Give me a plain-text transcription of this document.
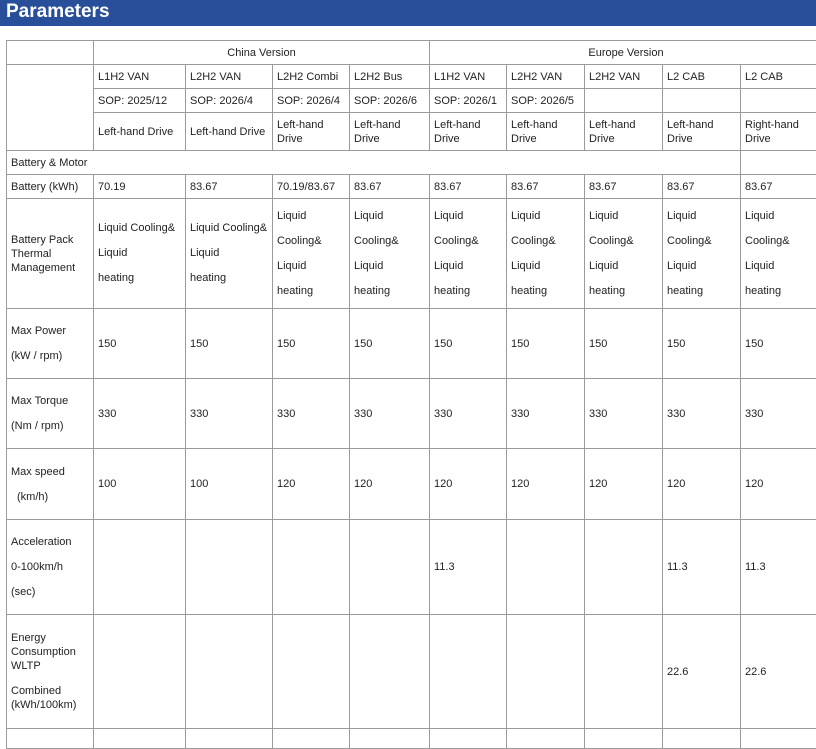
Parameters
	China Version				Europe Version				
	L1H2 VAN	L2H2 VAN	L2H2 Combi	L2H2 Bus	L1H2 VAN	L2H2 VAN	L2H2 VAN	L2 CAB	L2 CAB
	SOP: 2025/12	SOP: 2026/4	SOP: 2026/4	SOP: 2026/6	SOP: 2026/1	SOP: 2026/5			
	Left-hand Drive	Left-hand Drive	Left-hand Drive	Left-hand Drive	Left-hand Drive	Left-hand Drive	Left-hand Drive	Left-hand Drive	Right-hand Drive
Battery & Motor									
Battery (kWh)	70.19	83.67	70.19/83.67	83.67	83.67	83.67	83.67	83.67	83.67
Battery Pack Thermal Management	Liquid Cooling&
Liquid
heating	Liquid Cooling&
Liquid
heating	Liquid Cooling&
Liquid
heating	Liquid Cooling&
Liquid
heating	Liquid Cooling&
Liquid
heating	Liquid Cooling&
Liquid
heating	Liquid Cooling&
Liquid
heating	Liquid Cooling&
Liquid
heating	Liquid Cooling&
Liquid
heating

Max Power
(kW / rpm)	150	150	150	150	150	150	150	150	150

Max Torque
(Nm / rpm)	330	330	330	330	330	330	330	330	330

Max speed
(km/h)	100	100	120	120	120	120	120	120	120

Acceleration
0-100km/h
(sec)					11.3			11.3	11.3

Energy Consumption WLTP
Combined (kWh/100km)								22.6	22.6
